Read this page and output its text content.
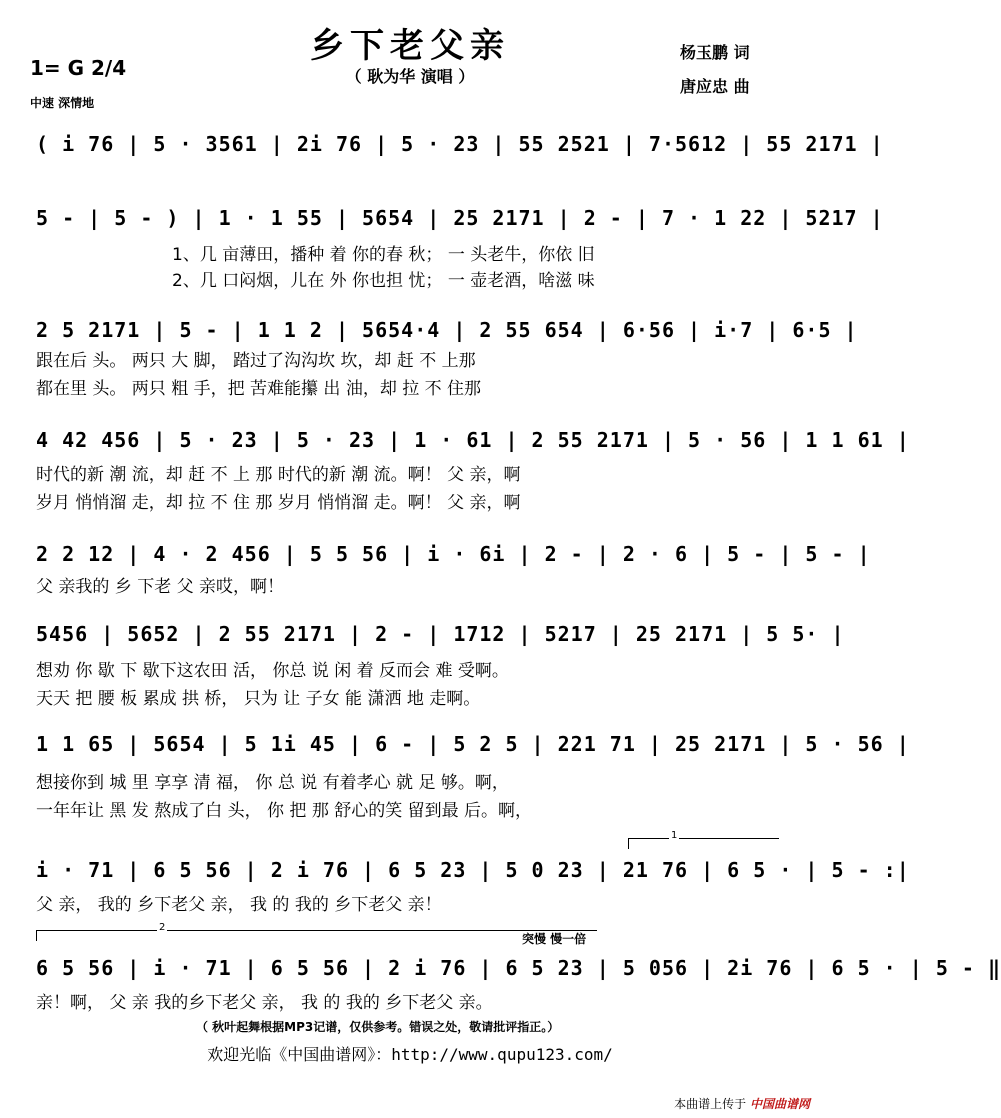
乡下老父亲
（ 耿为华 演唱 ）
1= G 2/4
中速 深情地
杨玉鹏 词
唐应忠 曲
( i 76 | 5 · 3561 | 2i 76 | 5 · 23 | 55 2521 | 7·5612 | 55 2171 |
5 - | 5 - ) | 1 · 1 55 | 5654 | 25 2171 | 2 - | 7 · 1 22 | 5217 |
1、几 亩薄田，播种 着 你的春 秋； 一 头老牛，你依 旧
2、几 口闷烟，儿在 外 你也担 忧； 一 壶老酒，啥滋 味
2 5 2171 | 5 - | 1 1 2 | 5654·4 | 2 55 654 | 6·56 | i·7 | 6·5 |
跟在后 头。 两只 大 脚， 踏过了沟沟坎 坎，却 赶 不 上那
都在里 头。 两只 粗 手，把 苦难能攥 出 油，却 拉 不 住那
4 42 456 | 5 · 23 | 5 · 23 | 1 · 61 | 2 55 2171 | 5 · 56 | 1 1 61 |
时代的新 潮 流，却 赶 不 上 那 时代的新 潮 流。啊！ 父 亲，啊
岁月 悄悄溜 走，却 拉 不 住 那 岁月 悄悄溜 走。啊！ 父 亲，啊
2 2 12 | 4 · 2 456 | 5 5 56 | i · 6i | 2 - | 2 · 6 | 5 - | 5 - |
父 亲我的 乡 下老 父 亲哎，啊！
5456 | 5652 | 2 55 2171 | 2 - | 1712 | 5217 | 25 2171 | 5 5· |
想劝 你 歇 下 歇下这农田 活， 你总 说 闲 着 反而会 难 受啊。
天天 把 腰 板 累成 拱 桥， 只为 让 子女 能 潇洒 地 走啊。
1 1 65 | 5654 | 5 1i 45 | 6 - | 5 2 5 | 221 71 | 25 2171 | 5 · 56 |
想接你到 城 里 享享 清 福， 你 总 说 有着孝心 就 足 够。啊，
一年年让 黑 发 熬成了白 头， 你 把 那 舒心的笑 留到最 后。啊，
1
i · 71 | 6 5 56 | 2 i 76 | 6 5 23 | 5 0 23 | 21 76 | 6 5 · | 5 - :|
父 亲， 我的 乡下老父 亲， 我 的 我的 乡下老父 亲！
2
突慢 慢一倍
6 5 56 | i · 71 | 6 5 56 | 2 i 76 | 6 5 23 | 5 056 | 2i 76 | 6 5 · | 5 - ‖
亲！啊， 父 亲 我的乡下老父 亲， 我 的 我的 乡下老父 亲。
（ 秋叶起舞根据MP3记谱，仅供参考。错误之处，敬请批评指正。）
欢迎光临《中国曲谱网》：http://www.qupu123.com/
本曲谱上传于 中国曲谱网
